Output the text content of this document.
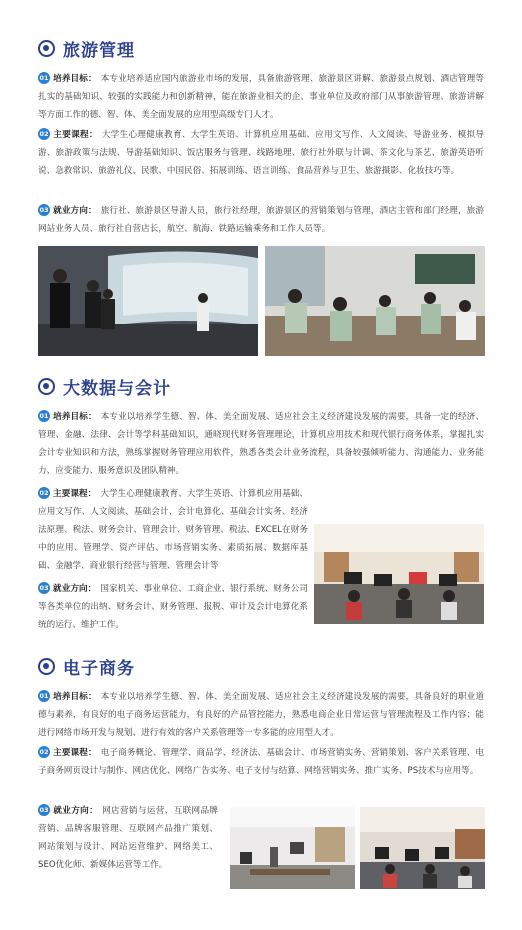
旅游管理
01 培养目标： 本专业培养适应国内旅游业市场的发展，具备旅游管理、旅游景区讲解、旅游景点规划、酒店管理等扎实的基础知识、较强的实践能力和创新精神，能在旅游业相关的企、事业单位及政府部门从事旅游管理、旅游讲解等方面工作的德、智、体、美全面发展的应用型高级专门人才。
02 主要课程： 大学生心理健康教育、大学生英语、计算机应用基础、应用文写作、人文阅读、导游业务、模拟导游、旅游政策与法规、导游基础知识、饭店服务与管理、线路地理、旅行社外联与计调、茶文化与茶艺、旅游英语听说、急救常识、旅游礼仪、民歌、中国民俗、拓展训练、语言训练、食品营养与卫生、旅游摄影、化妆技巧等。
03 就业方向： 旅行社、旅游景区导游人员，旅行社经理，旅游景区的营销策划与管理，酒店主管和部门经理，旅游网站业务人员、旅行社自营店长，航空、航海、铁路运输乘务和工作人员等。
大数据与会计
01 培养目标： 本专业以培养学生德、智、体、美全面发展、适应社会主义经济建设发展的需要，具备一定的经济、管理、金融、法律、会计等学科基础知识，通晓现代财务管理理论，计算机应用技术和现代银行商务体系，掌握扎实会计专业知识和方法，熟练掌握财务管理应用软件，熟悉各类会计业务流程，具备较强倾听能力、沟通能力、业务能力、应变能力、服务意识及团队精神。
02 主要课程： 大学生心理健康教育、大学生英语、计算机应用基础、应用文写作、人文阅读、基础会计、会计电算化、基础会计实务、经济法原理、税法、财务会计、管理会计、财务管理、税法、EXCEL在财务中的应用、管理学、资产评估、市场营销实务、素质拓展、数据库基础、金融学、商业银行经营与管理、管理会计等
03 就业方向： 国家机关、事业单位、工商企业、银行系统、财务公司等各类单位的出纳、财务会计、财务管理、报税、审计及会计电算化系统的运行、维护工作。
电子商务
01 培养目标： 本专业以培养学生德、智、体、美全面发展、适应社会主义经济建设发展的需要，具备良好的职业道德与素养，有良好的电子商务运营能力，有良好的产品管控能力，熟悉电商企业日常运营与管理流程及工作内容；能进行网络市场开发与规划、进行有效的客户关系管理等一专多能的应用型人才。
02 主要课程： 电子商务概论、管理学、商品学、经济法、基础会计、市场营销实务、营销策划、客户关系管理、电子商务网页设计与制作、网店优化、网络广告实务、电子支付与结算、网络营销实务、推广实务、PS技术与应用等。
03 就业方向： 网店营销与运营、互联网品牌营销、品牌客服管理、互联网产品推广策划、网站策划与设计、网站运营维护、网络美工、SEO优化师、新媒体运营等工作。
